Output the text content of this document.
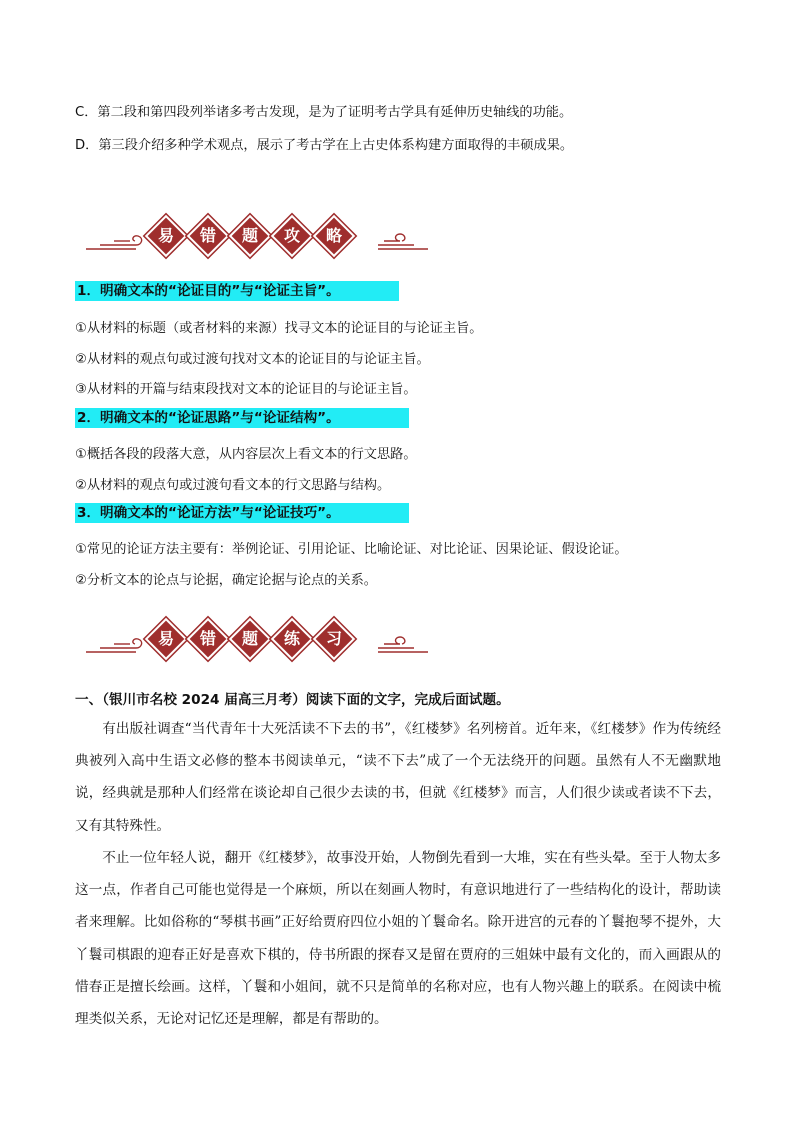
C．第二段和第四段列举诸多考古发现，是为了证明考古学具有延伸历史轴线的功能。
D．第三段介绍多种学术观点，展示了考古学在上古史体系构建方面取得的丰硕成果。
易	错	题	攻	略
1．明确文本的“论证目的”与“论证主旨”。
①从材料的标题（或者材料的来源）找寻文本的论证目的与论证主旨。
②从材料的观点句或过渡句找对文本的论证目的与论证主旨。
③从材料的开篇与结束段找对文本的论证目的与论证主旨。
2．明确文本的“论证思路”与“论证结构”。
①概括各段的段落大意，从内容层次上看文本的行文思路。
②从材料的观点句或过渡句看文本的行文思路与结构。
3．明确文本的“论证方法”与“论证技巧”。
①常见的论证方法主要有：举例论证、引用论证、比喻论证、对比论证、因果论证、假设论证。
②分析文本的论点与论据，确定论据与论点的关系。
易	错	题	练	习
一、（银川市名校 2024 届高三月考）阅读下面的文字，完成后面试题。
有出版社调查“当代青年十大死活读不下去的书”，《红楼梦》名列榜首。近年来，《红楼梦》作为传统经典被列入高中生语文必修的整本书阅读单元，“读不下去”成了一个无法绕开的问题。虽然有人不无幽默地说，经典就是那种人们经常在谈论却自己很少去读的书，但就《红楼梦》而言，人们很少读或者读不下去，又有其特殊性。
不止一位年轻人说，翻开《红楼梦》，故事没开始，人物倒先看到一大堆，实在有些头晕。至于人物太多这一点，作者自己可能也觉得是一个麻烦，所以在刻画人物时，有意识地进行了一些结构化的设计，帮助读者来理解。比如俗称的“琴棋书画”正好给贾府四位小姐的丫鬟命名。除开进宫的元春的丫鬟抱琴不提外，大丫鬟司棋跟的迎春正好是喜欢下棋的，侍书所跟的探春又是留在贾府的三姐妹中最有文化的，而入画跟从的惜春正是擅长绘画。这样，丫鬟和小姐间，就不只是简单的名称对应，也有人物兴趣上的联系。在阅读中梳理类似关系，无论对记忆还是理解，都是有帮助的。
